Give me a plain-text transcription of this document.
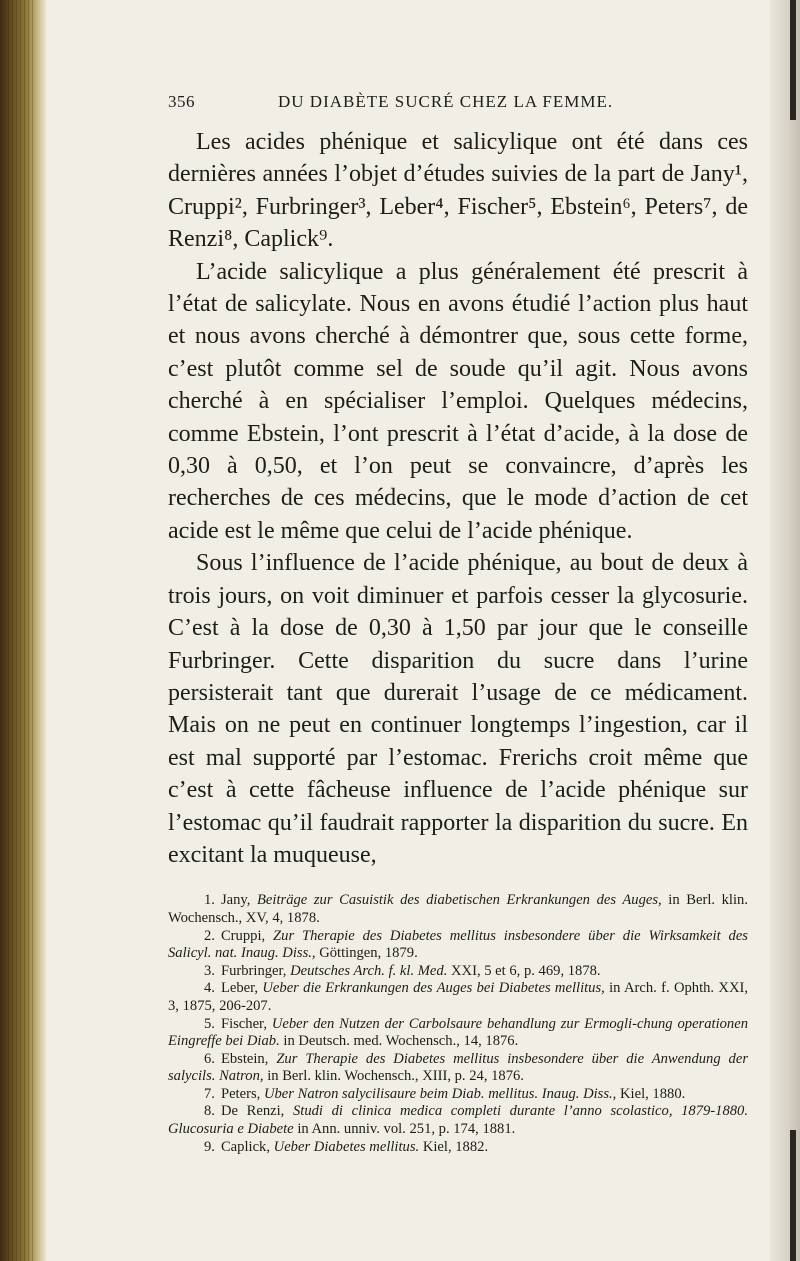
356	DU DIABÈTE SUCRÉ CHEZ LA FEMME.

Les acides phénique et salicylique ont été dans ces dernières années l’objet d’études suivies de la part de Jany¹, Cruppi², Furbringer³, Leber⁴, Fischer⁵, Ebstein⁶, Peters⁷, de Renzi⁸, Caplick⁹.

L’acide salicylique a plus généralement été prescrit à l’état de salicylate. Nous en avons étudié l’action plus haut et nous avons cherché à démontrer que, sous cette forme, c’est plutôt comme sel de soude qu’il agit. Nous avons cherché à en spécialiser l’emploi. Quelques médecins, comme Ebstein, l’ont prescrit à l’état d’acide, à la dose de 0,30 à 0,50, et l’on peut se convaincre, d’après les recherches de ces médecins, que le mode d’action de cet acide est le même que celui de l’acide phénique.

Sous l’influence de l’acide phénique, au bout de deux à trois jours, on voit diminuer et parfois cesser la glycosurie. C’est à la dose de 0,30 à 1,50 par jour que le conseille Furbringer. Cette disparition du sucre dans l’urine persisterait tant que durerait l’usage de ce médicament. Mais on ne peut en continuer longtemps l’ingestion, car il est mal supporté par l’estomac. Frerichs croit même que c’est à cette fâcheuse influence de l’acide phénique sur l’estomac qu’il faudrait rapporter la disparition du sucre. En excitant la muqueuse,

1. Jany, Beiträge zur Casuistik des diabetischen Erkrankungen des Auges, in Berl. klin. Wochensch., XV, 4, 1878.

2. Cruppi, Zur Therapie des Diabetes mellitus insbesondere über die Wirksamkeit des Salicyl. nat. Inaug. Diss., Göttingen, 1879.

3. Furbringer, Deutsches Arch. f. kl. Med. XXI, 5 et 6, p. 469, 1878.

4. Leber, Ueber die Erkrankungen des Auges bei Diabetes mellitus, in Arch. f. Ophth. XXI, 3, 1875, 206-207.

5. Fischer, Ueber den Nutzen der Carbolsaure behandlung zur Ermogli-chung operationen Eingreffe bei Diab. in Deutsch. med. Wochensch., 14, 1876.

6. Ebstein, Zur Therapie des Diabetes mellitus insbesondere über die Anwendung der salycils. Natron, in Berl. klin. Wochensch., XIII, p. 24, 1876.

7. Peters, Uber Natron salycilisaure beim Diab. mellitus. Inaug. Diss., Kiel, 1880.

8. De Renzi, Studi di clinica medica completi durante l’anno scolastico, 1879-1880. Glucosuria e Diabete in Ann. unniv. vol. 251, p. 174, 1881.

9. Caplick, Ueber Diabetes mellitus. Kiel, 1882.
